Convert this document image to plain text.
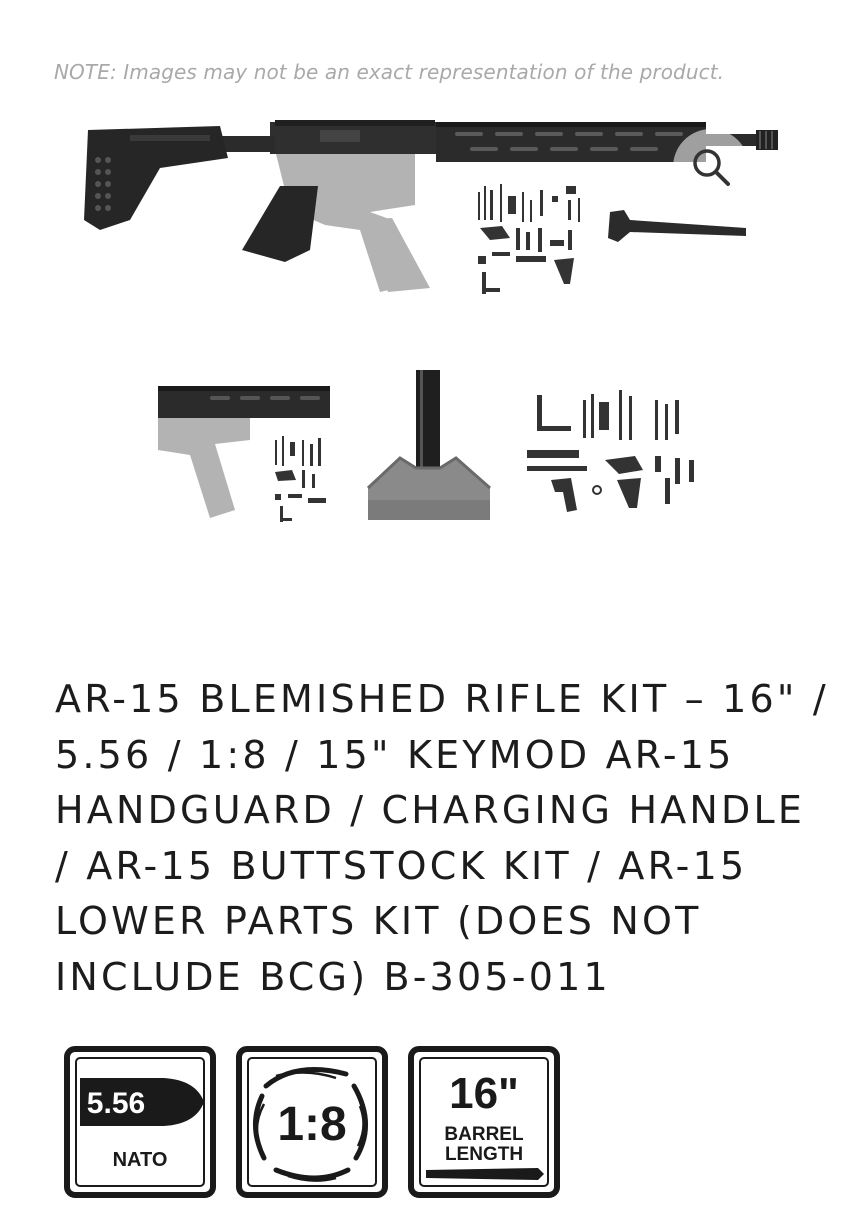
NOTE: Images may not be an exact representation of the product.
AR-15 BLEMISHED RIFLE KIT – 16" / 5.56 / 1:8 / 15" KEYMOD AR-15 HANDGUARD / CHARGING HANDLE / AR-15 BUTTSTOCK KIT / AR-15 LOWER PARTS KIT (DOES NOT INCLUDE BCG) B-305-011
5.56
NATO
1:8
16"
BARREL
LENGTH
